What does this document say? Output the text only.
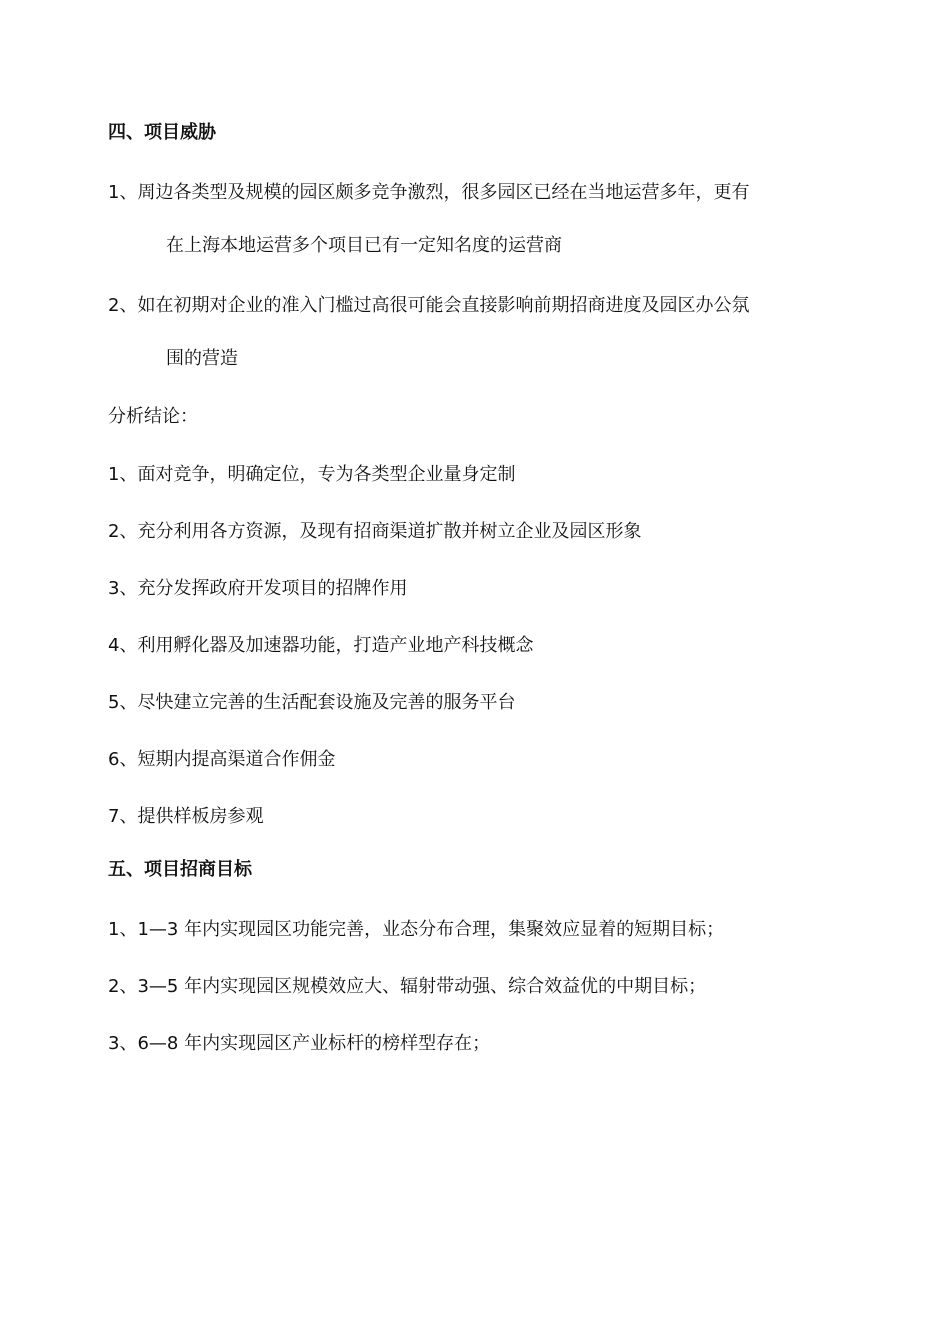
四、项目威胁
1、周边各类型及规模的园区颇多竞争激烈，很多园区已经在当地运营多年，更有
在上海本地运营多个项目已有一定知名度的运营商
2、如在初期对企业的准入门槛过高很可能会直接影响前期招商进度及园区办公氛
围的营造
分析结论：
1、面对竞争，明确定位，专为各类型企业量身定制
2、充分利用各方资源，及现有招商渠道扩散并树立企业及园区形象
3、充分发挥政府开发项目的招牌作用
4、利用孵化器及加速器功能，打造产业地产科技概念
5、尽快建立完善的生活配套设施及完善的服务平台
6、短期内提高渠道合作佣金
7、提供样板房参观
五、项目招商目标
1、1—3 年内实现园区功能完善，业态分布合理，集聚效应显着的短期目标；
2、3—5 年内实现园区规模效应大、辐射带动强、综合效益优的中期目标；
3、6—8 年内实现园区产业标杆的榜样型存在；
